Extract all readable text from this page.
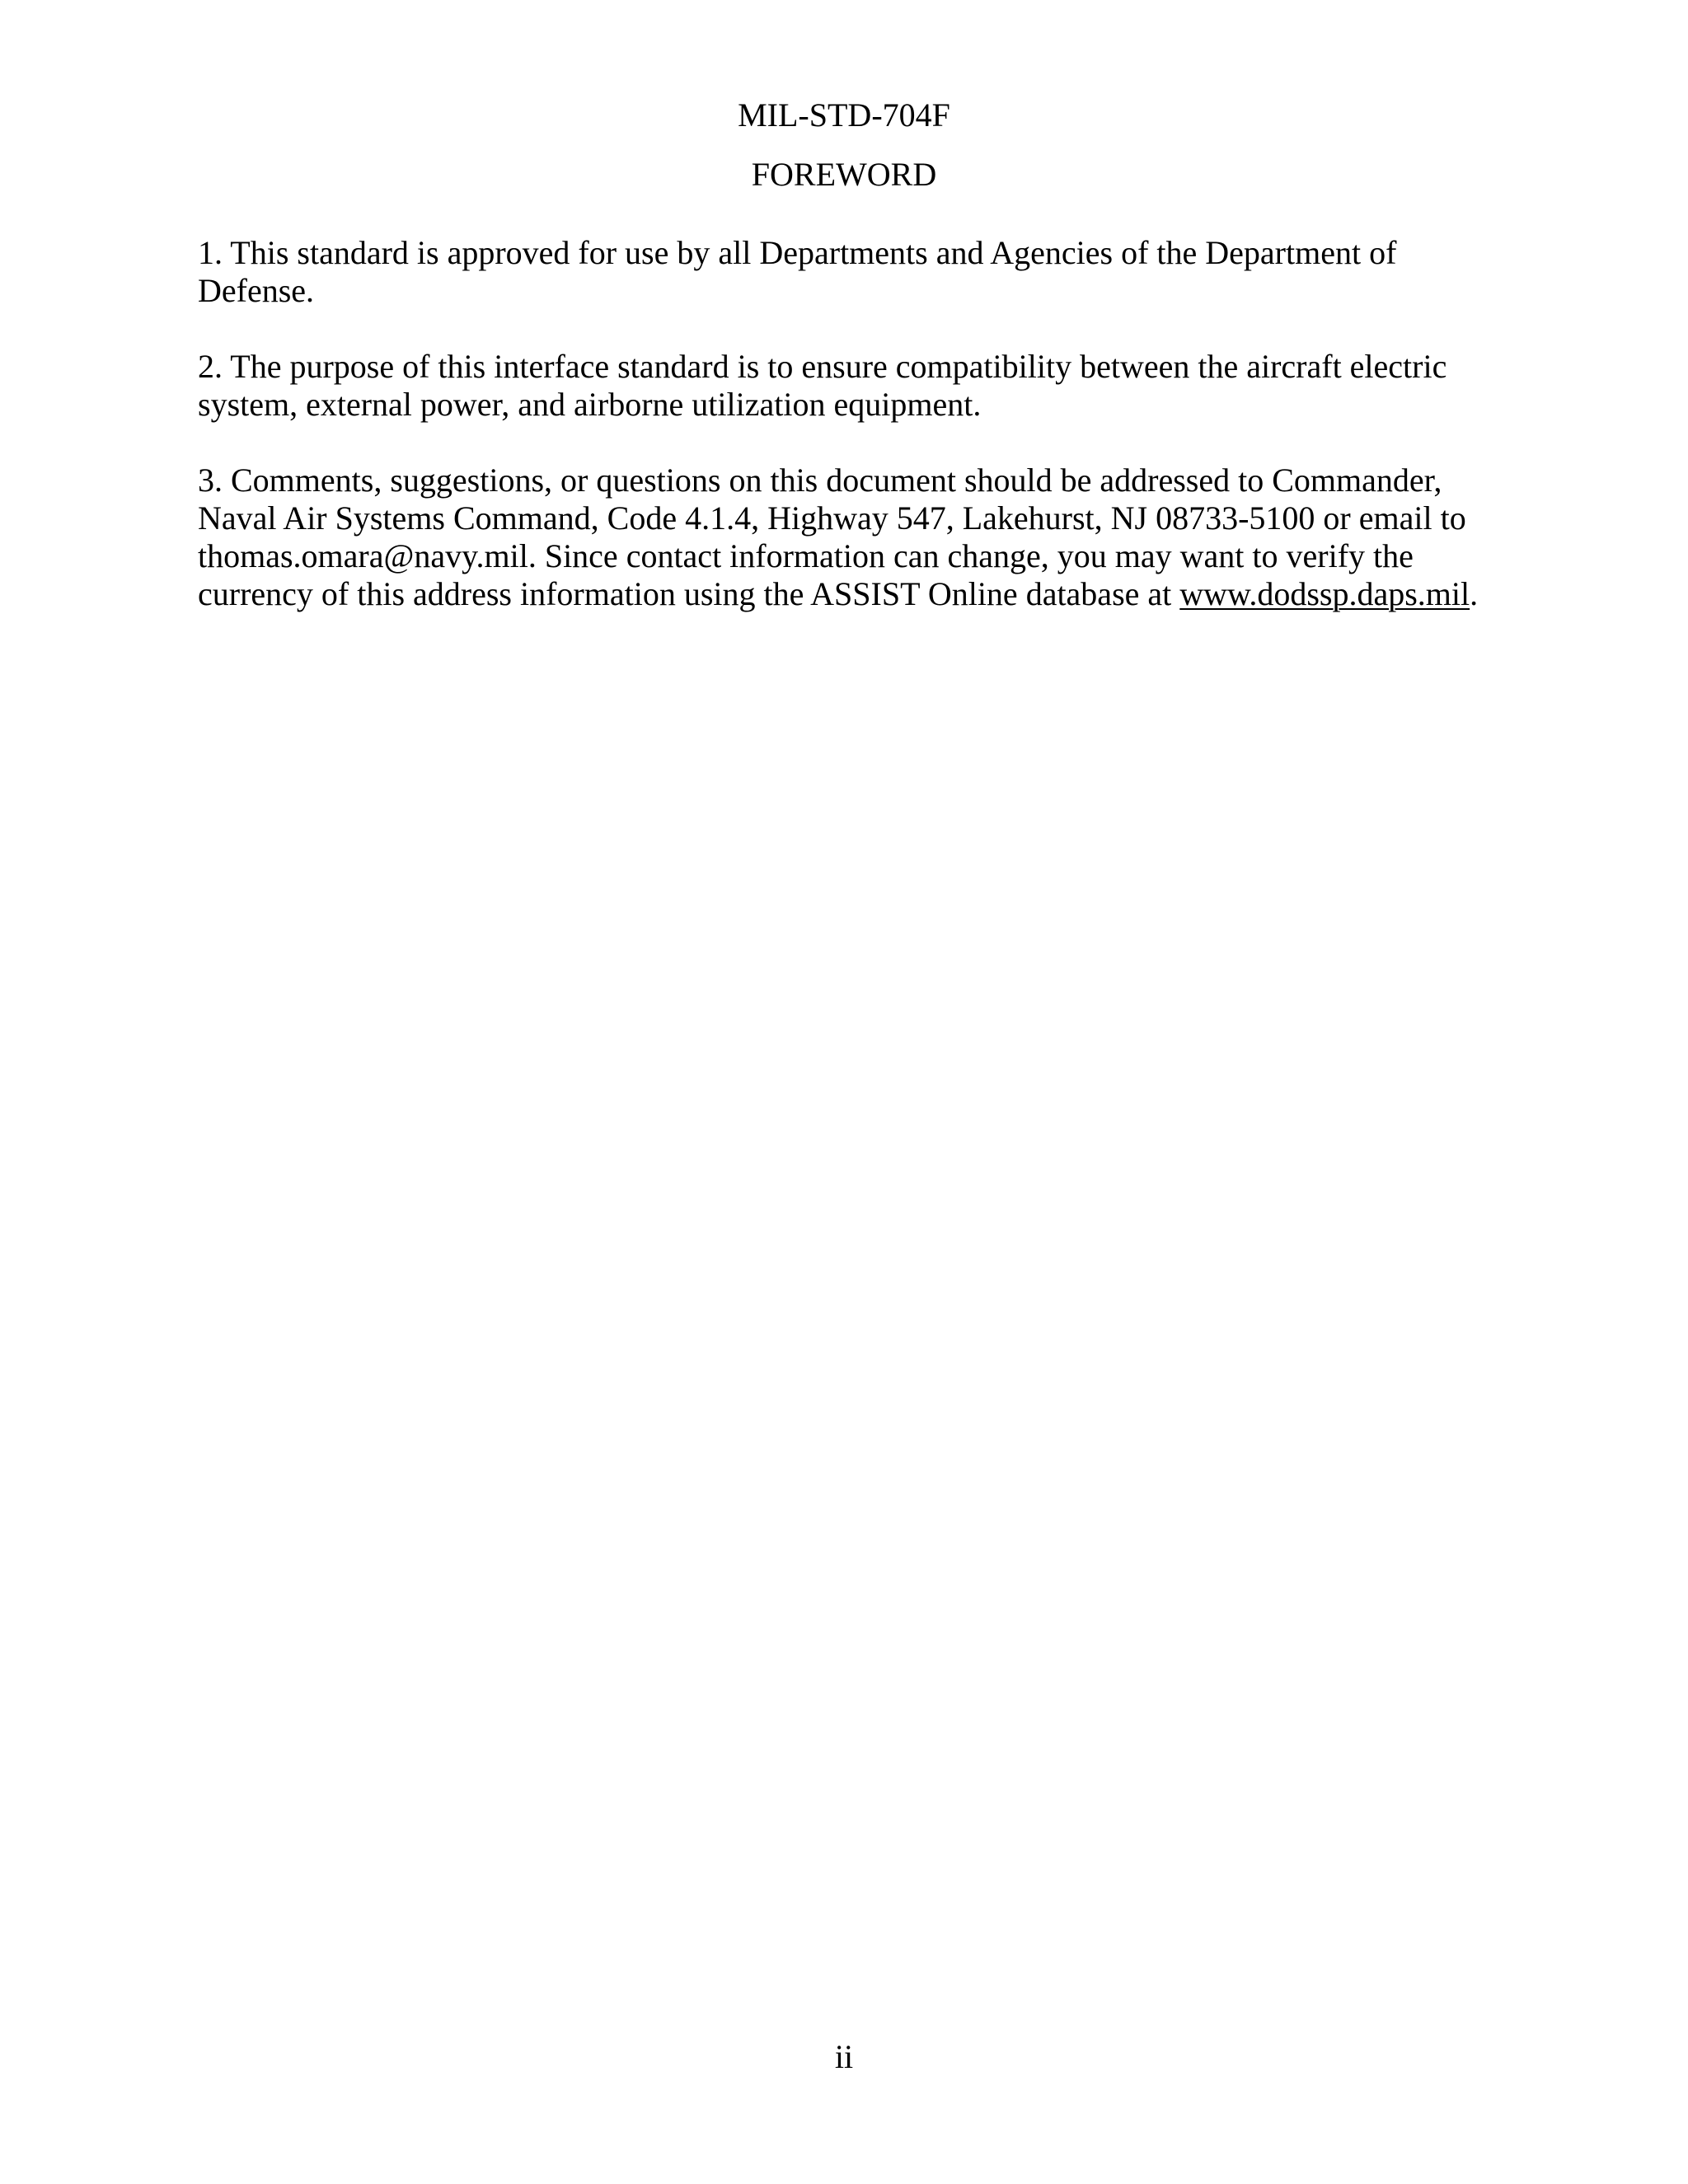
MIL-STD-704F
FOREWORD
1. This standard is approved for use by all Departments and Agencies of the Department of
Defense.
2. The purpose of this interface standard is to ensure compatibility between the aircraft electric
system, external power, and airborne utilization equipment.
3. Comments, suggestions, or questions on this document should be addressed to Commander,
Naval Air Systems Command, Code 4.1.4, Highway 547, Lakehurst, NJ 08733-5100 or email to
thomas.omara@navy.mil. Since contact information can change, you may want to verify the
currency of this address information using the ASSIST Online database at www.dodssp.daps.mil.
ii
